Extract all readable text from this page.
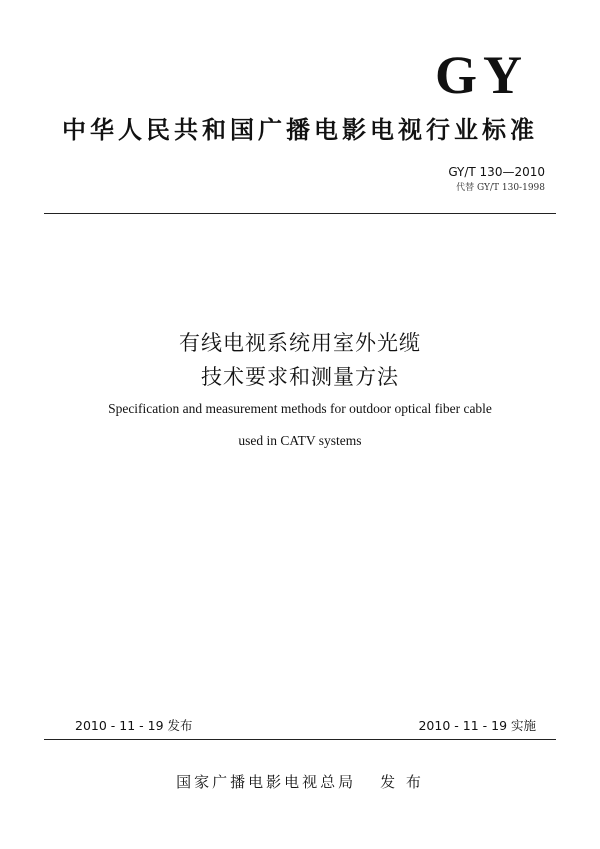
GY
中华人民共和国广播电影电视行业标准
GY/T 130—2010
代替 GY/T 130-1998
有线电视系统用室外光缆
技术要求和测量方法
Specification and measurement methods for outdoor optical fiber cable
used in CATV systems
2010 - 11 - 19 发布	2010 - 11 - 19 实施
国家广播电影电视总局 发 布
